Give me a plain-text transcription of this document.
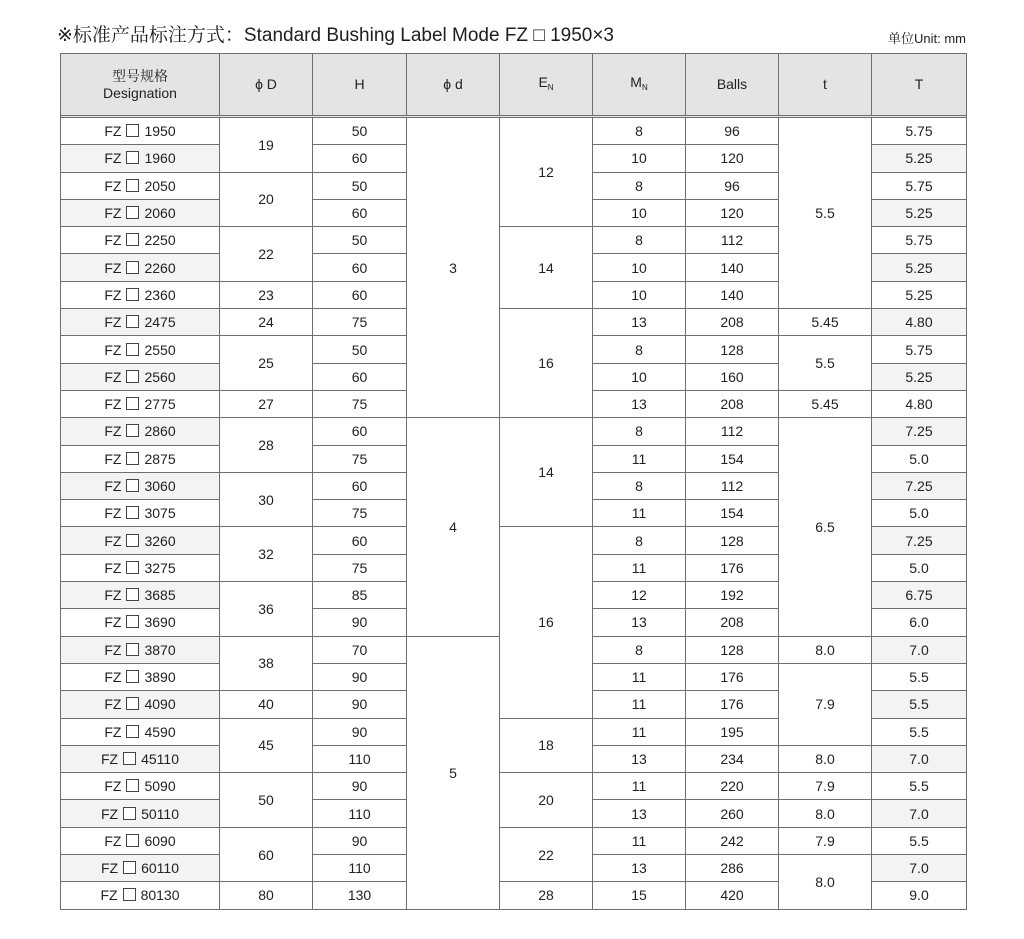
※标准产品标注方式：Standard Bushing Label Mode FZ □ 1950×3	单位Unit: mm
型号规格
Designation	ϕ D	H	ϕ d	$E_N$	$M_N$	Balls	t	T

FZ 1950	19	50	3	12	8	96	5.5	5.75
FZ 1960		60			10	120		5.25
FZ 2050	20	50			8	96		5.75
FZ 2060		60			10	120		5.25
FZ 2250	22	50		14	8	112		5.75
FZ 2260		60			10	140		5.25
FZ 2360	23	60			10	140		5.25
FZ 2475	24	75		16	13	208	5.45	4.80
FZ 2550	25	50			8	128	5.5	5.75
FZ 2560		60			10	160		5.25
FZ 2775	27	75			13	208	5.45	4.80
FZ 2860	28	60	4	14	8	112	6.5	7.25
FZ 2875		75			11	154		5.0
FZ 3060	30	60			8	112		7.25
FZ 3075		75			11	154		5.0
FZ 3260	32	60		16	8	128		7.25
FZ 3275		75			11	176		5.0
FZ 3685	36	85			12	192		6.75
FZ 3690		90			13	208		6.0
FZ 3870	38	70	5		8	128	8.0	7.0
FZ 3890		90			11	176	7.9	5.5
FZ 4090	40	90			11	176		5.5
FZ 4590	45	90		18	11	195		5.5
FZ 45110		110			13	234	8.0	7.0
FZ 5090	50	90		20	11	220	7.9	5.5
FZ 50110		110			13	260	8.0	7.0
FZ 6090	60	90		22	11	242	7.9	5.5
FZ 60110		110			13	286	8.0	7.0
FZ 80130	80	130		28	15	420		9.0
